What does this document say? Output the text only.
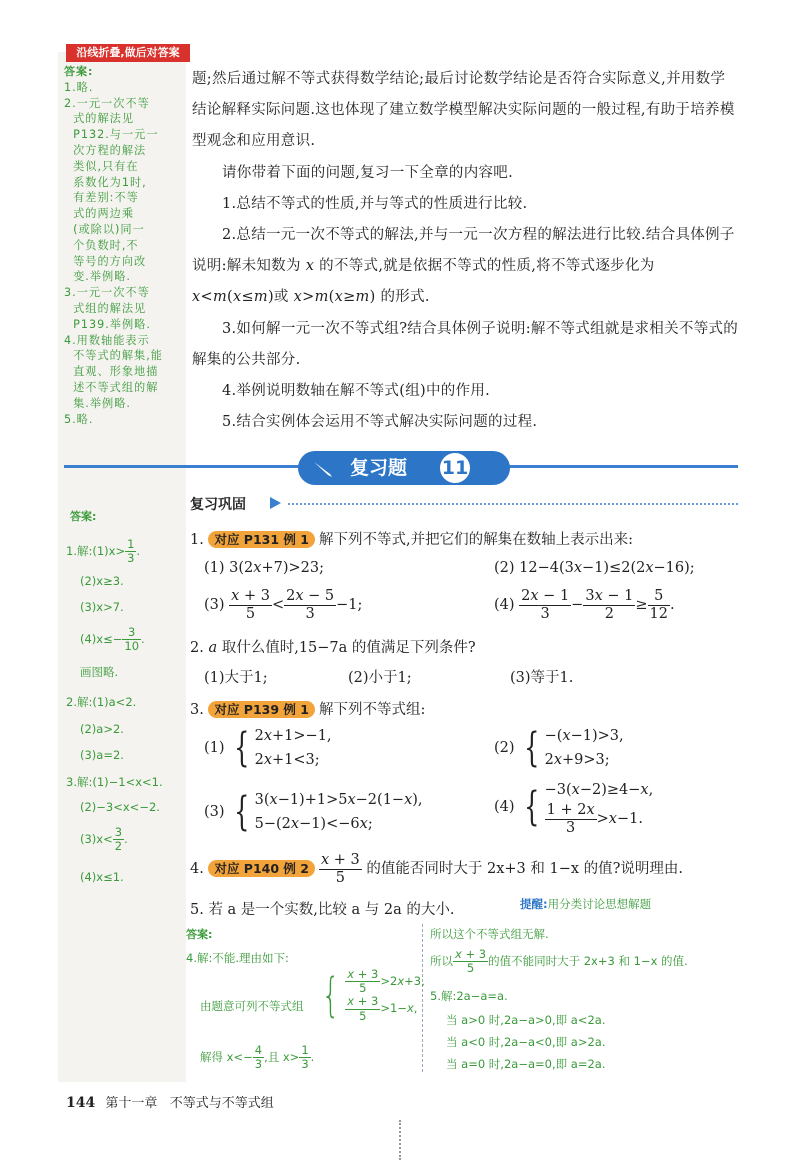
沿线折叠,做后对答案
答案:
1.略.
2.一元一次不等
式的解法见
P132.与一元一
次方程的解法
类似,只有在
系数化为1时,
有差别:不等
式的两边乘
(或除以)同一
个负数时,不
等号的方向改
变.举例略.
3.一元一次不等
式组的解法见
P139.举例略.
4.用数轴能表示
不等式的解集,能
直观、形象地描
述不等式组的解
集.举例略.
5.略.

题;然后通过解不等式获得数学结论;最后讨论数学结论是否符合实际意义,并用数学结论解释实际问题.这也体现了建立数学模型解决实际问题的一般过程,有助于培养模型观念和应用意识.

请你带着下面的问题,复习一下全章的内容吧.

1.总结不等式的性质,并与等式的性质进行比较.

2.总结一元一次不等式的解法,并与一元一次方程的解法进行比较.结合具体例子说明:解未知数为 x 的不等式,就是依据不等式的性质,将不等式逐步化为 x<m(x≤m)或 x>m(x≥m) 的形式.

3.如何解一元一次不等式组?结合具体例子说明:解不等式组就是求相关不等式的解集的公共部分.

4.举例说明数轴在解不等式(组)中的作用.

5.结合实例体会运用不等式解决实际问题的过程.

复习题 11
复习巩固
1. 对应 P131 例 1 解下列不等式,并把它们的解集在数轴上表示出来:
(1) 3(2x+7)>23;	(2) 12−4(3x−1)≤2(2x−16);
$(3) \frac{x + 3}{5} < \frac{2x - 5}{3} -1$;	$(4) \frac{2x - 1}{3} - \frac{3x - 1}{2} \ge \frac{5}{12}$ .
2. a 取什么值时,15−7a 的值满足下列条件?
(1)大于1;	(2)小于1;	(3)等于1.
3. 对应 P139 例 1 解下列不等式组:
(1) { 2x+1>−1,
2x+1<3;
(2) { −(x−1)>3,
2x+9>3;
(3) { 3(x−1)+1>5x−2(1−x),
5−(2x−1)<−6x;
(4) { −3(x−2)≥4−x,

$\frac{1 + 2x}{3} >x-1$.
4. 对应 P140 例 $2 \frac{x + 3}{5}$ 的值能否同时大于 2x+3 和 1−x 的值?说明理由.
5. 若 a 是一个实数,比较 a 与 2a 的大小.	提醒:用分类讨论思想解题
答案:
1.解:(1)x> $\frac{1}{3}$ .
(2)x≥3.
(3)x>7.
$(4)x\le- \frac{3}{10}$ .
画图略.
2.解:(1)a<2.
(2)a>2.
(3)a=2.
3.解:(1)−1<x<1.
(2)−3<x<−2.
$(3)x< \frac{3}{2}$ .
(4)x≤1.
答案:
4.解:不能.理由如下:
由题意可列不等式组 { $\frac{x + 3}{5} >2x+3$,

$\frac{x + 3}{5} >1-x$,
解得 $x<- \frac{4}{3}$ ,且 $x> \frac{1}{3}$ .
所以这个不等式组无解.
所以 $\frac{x + 3}{5}$ 的值不能同时大于 2x+3 和 1−x 的值.
5.解:2a−a=a.
当 a>0 时,2a−a>0,即 a<2a.
当 a<0 时,2a−a<0,即 a>2a.
当 a=0 时,2a−a=0,即 a=2a.
144 第十一章 不等式与不等式组
